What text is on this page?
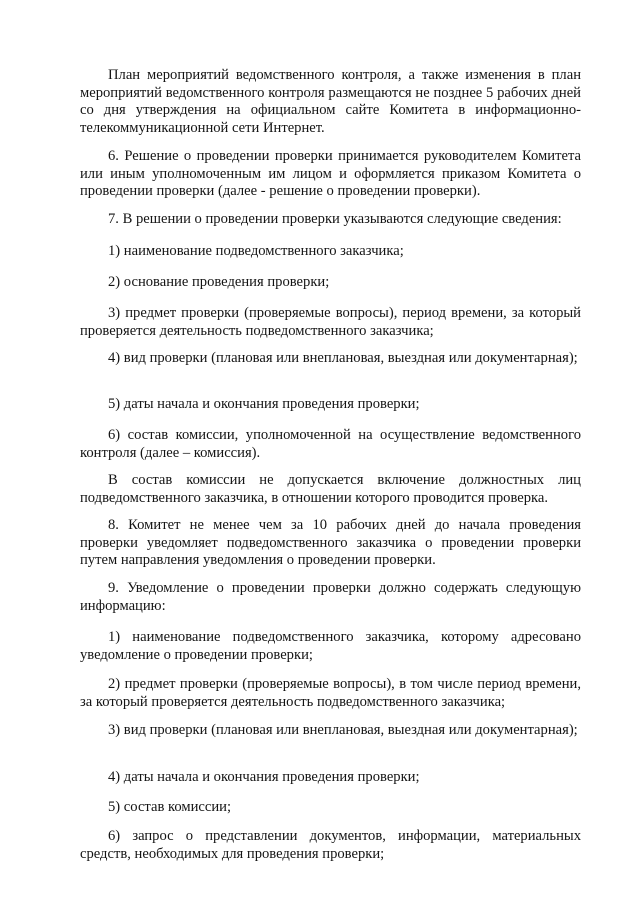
План мероприятий ведомственного контроля, а также изменения в план мероприятий ведомственного контроля размещаются не позднее 5 рабочих дней со дня утверждения на официальном сайте Комитета в информационно-телекоммуникационной сети Интернет.

6. Решение о проведении проверки принимается руководителем Комитета или иным уполномоченным им лицом и оформляется приказом Комитета о проведении проверки (далее - решение о проведении проверки).

7. В решении о проведении проверки указываются следующие сведения:

1) наименование подведомственного заказчика;

2) основание проведения проверки;

3) предмет проверки (проверяемые вопросы), период времени, за который проверяется деятельность подведомственного заказчика;

4) вид проверки (плановая или внеплановая, выездная или документарная);

5) даты начала и окончания проведения проверки;

6) состав комиссии, уполномоченной на осуществление ведомственного контроля (далее – комиссия).

В состав комиссии не допускается включение должностных лиц подведомственного заказчика, в отношении которого проводится проверка.

8. Комитет не менее чем за 10 рабочих дней до начала проведения проверки уведомляет подведомственного заказчика о проведении проверки путем направления уведомления о проведении проверки.

9. Уведомление о проведении проверки должно содержать следующую информацию:

1) наименование подведомственного заказчика, которому адресовано уведомление о проведении проверки;

2) предмет проверки (проверяемые вопросы), в том числе период времени, за который проверяется деятельность подведомственного заказчика;

3) вид проверки (плановая или внеплановая, выездная или документарная);

4) даты начала и окончания проведения проверки;

5) состав комиссии;

6) запрос о представлении документов, информации, материальных средств, необходимых для проведения проверки;
